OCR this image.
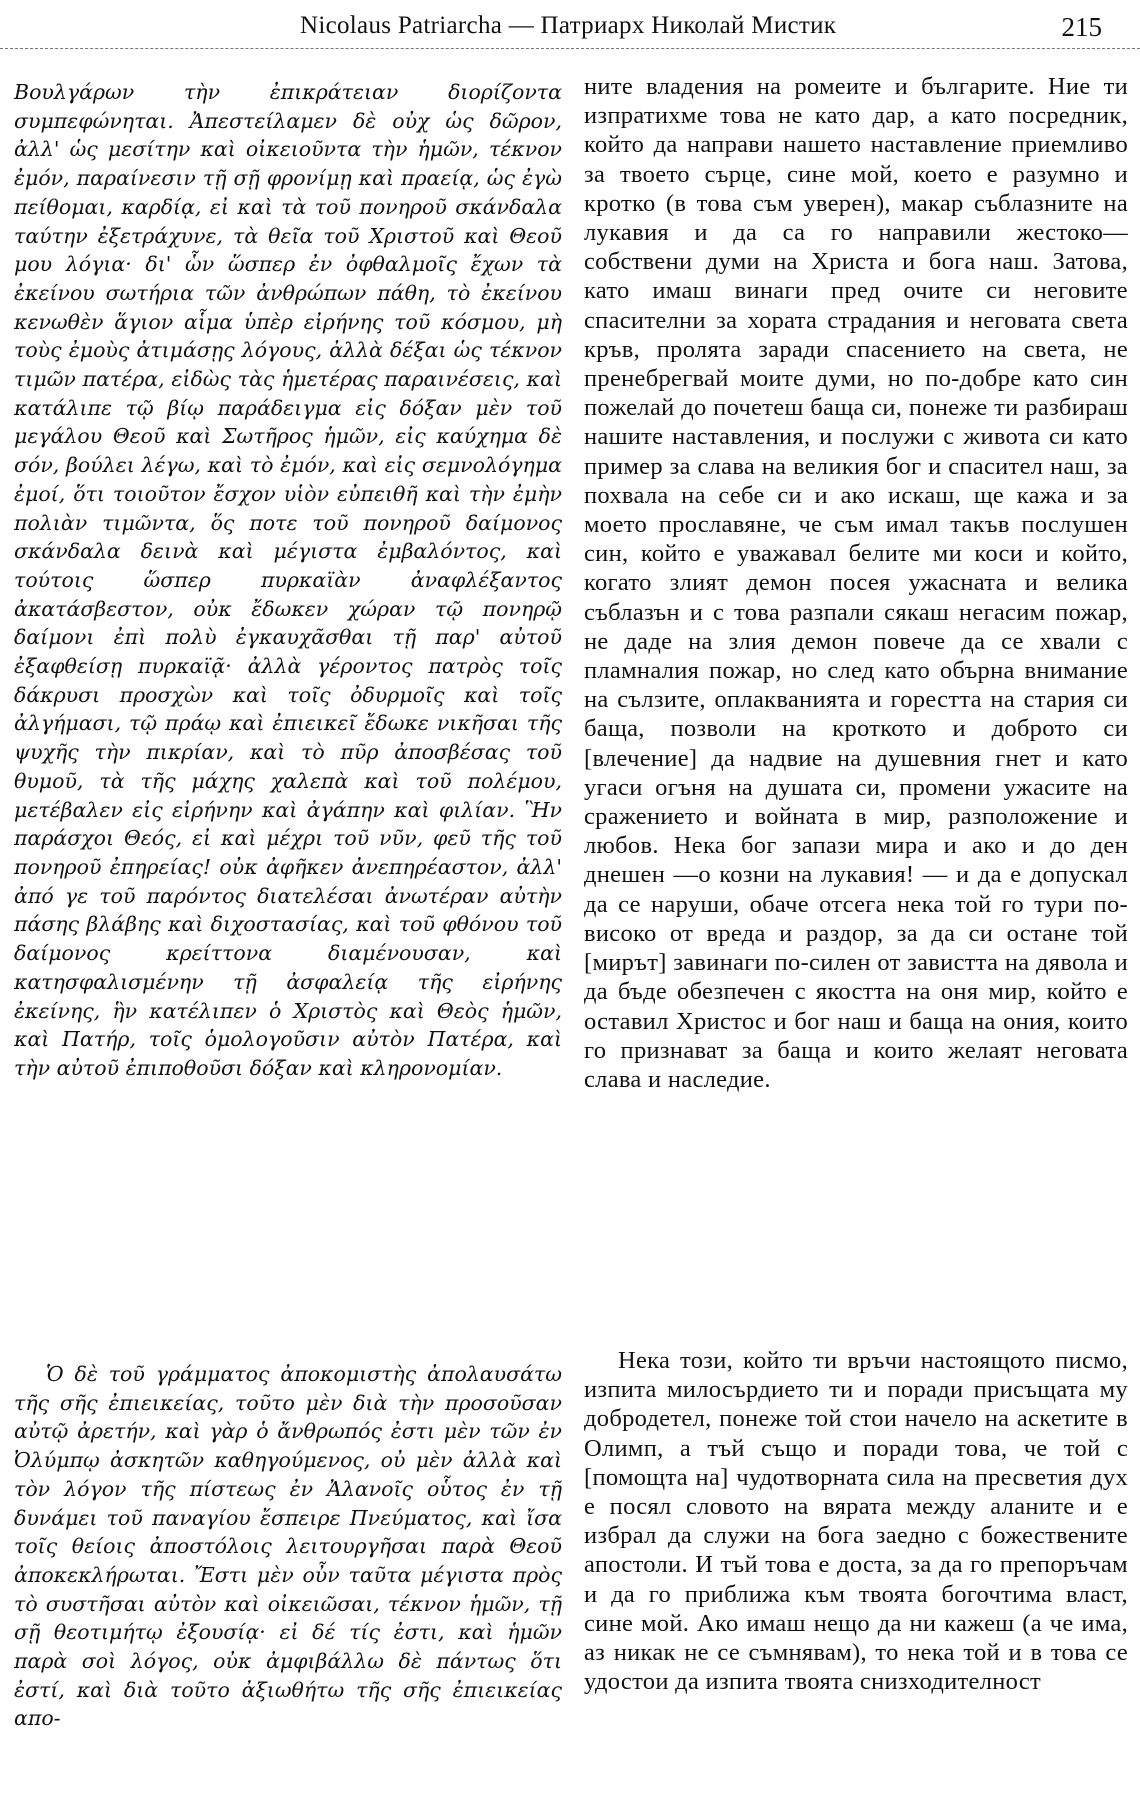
Nicolaus Patriarcha — Патриарх Николай Мистик	215

Βουλγάρων τὴν ἐπικράτειαν διορίζοντα συμπεφώνηται. Ἀπεστείλαμεν δὲ οὐχ ὡς δῶρον, ἀλλ' ὡς μεσίτην καὶ οἰκειοῦντα τὴν ἡμῶν, τέκνον ἐμόν, παραίνεσιν τῇ σῇ φρονίμῃ καὶ πραείᾳ, ὡς ἐγὼ πείθομαι, καρδίᾳ, εἰ καὶ τὰ τοῦ πονηροῦ σκάνδαλα ταύτην ἐξετράχυνε, τὰ θεῖα τοῦ Χριστοῦ καὶ Θεοῦ μου λόγια· δι' ὧν ὥσπερ ἐν ὀφθαλμοῖς ἔχων τὰ ἐκείνου σωτήρια τῶν ἀνθρώπων πάθη, τὸ ἐκείνου κενωθὲν ἅγιον αἷμα ὑπὲρ εἰρήνης τοῦ κόσμου, μὴ τοὺς ἐμοὺς ἀτιμάσῃς λόγους, ἀλλὰ δέξαι ὡς τέκνον τιμῶν πατέρα, εἰδὼς τὰς ἡμετέρας παραινέσεις, καὶ κατάλιπε τῷ βίῳ παράδειγμα εἰς δόξαν μὲν τοῦ μεγάλου Θεοῦ καὶ Σωτῆρος ἡμῶν, εἰς καύχημα δὲ σόν, βούλει λέγω, καὶ τὸ ἐμόν, καὶ εἰς σεμνολόγημα ἐμοί, ὅτι τοιοῦτον ἔσχον υἱὸν εὐπειθῆ καὶ τὴν ἐμὴν πολιὰν τιμῶντα, ὅς ποτε τοῦ πονηροῦ δαίμονος σκάνδαλα δεινὰ καὶ μέγιστα ἐμβαλόντος, καὶ τούτοις ὥσπερ πυρκαϊὰν ἀναφλέξαντος ἀκατάσβεστον, οὐκ ἔδωκεν χώραν τῷ πονηρῷ δαίμονι ἐπὶ πολὺ ἐγκαυχᾶσθαι τῇ παρ' αὐτοῦ ἐξαφθείσῃ πυρκαϊᾷ· ἀλλὰ γέροντος πατρὸς τοῖς δάκρυσι προσχὼν καὶ τοῖς ὀδυρμοῖς καὶ τοῖς ἀλγήμασι, τῷ πράῳ καὶ ἐπιεικεῖ ἔδωκε νικῆσαι τῆς ψυχῆς τὴν πικρίαν, καὶ τὸ πῦρ ἀποσβέσας τοῦ θυμοῦ, τὰ τῆς μάχης χαλεπὰ καὶ τοῦ πολέμου, μετέβαλεν εἰς εἰρήνην καὶ ἀγάπην καὶ φιλίαν. Ἣν παράσχοι Θεός, εἰ καὶ μέχρι τοῦ νῦν, φεῦ τῆς τοῦ πονηροῦ ἐπηρείας! οὐκ ἀφῆκεν ἀνεπηρέαστον, ἀλλ' ἀπό γε τοῦ παρόντος διατελέσαι ἀνωτέραν αὐτὴν πάσης βλάβης καὶ διχοστασίας, καὶ τοῦ φθόνου τοῦ δαίμονος κρείττονα διαμένουσαν, καὶ κατησφαλισμένην τῇ ἀσφαλείᾳ τῆς εἰρήνης ἐκείνης, ἣν κατέλιπεν ὁ Χριστὸς καὶ Θεὸς ἡμῶν, καὶ Πατήρ, τοῖς ὁμολογοῦσιν αὐτὸν Πατέρα, καὶ τὴν αὐτοῦ ἐπιποθοῦσι δόξαν καὶ κληρονομίαν.

Ὁ δὲ τοῦ γράμματος ἀποκομιστὴς ἀπολαυσάτω τῆς σῆς ἐπιεικείας, τοῦτο μὲν διὰ τὴν προσοῦσαν αὐτῷ ἀρετήν, καὶ γὰρ ὁ ἄνθρωπός ἐστι μὲν τῶν ἐν Ὀλύμπῳ ἀσκητῶν καθηγούμενος, οὐ μὲν ἀλλὰ καὶ τὸν λόγον τῆς πίστεως ἐν Ἀλανοῖς οὗτος ἐν τῇ δυνάμει τοῦ παναγίου ἔσπειρε Πνεύματος, καὶ ἴσα τοῖς θείοις ἀποστόλοις λειτουργῆσαι παρὰ Θεοῦ ἀποκεκλήρωται. Ἔστι μὲν οὖν ταῦτα μέγιστα πρὸς τὸ συστῆσαι αὐτὸν καὶ οἰκειῶσαι, τέκνον ἡμῶν, τῇ σῇ θεοτιμήτῳ ἐξουσίᾳ· εἰ δέ τίς ἐστι, καὶ ἡμῶν παρὰ σοὶ λόγος, οὐκ ἀμφιβάλλω δὲ πάντως ὅτι ἐστί, καὶ διὰ τοῦτο ἀξιωθήτω τῆς σῆς ἐπιεικείας απο-

ните владения на ромеите и българите. Ние ти изпратихме това не като дар, а като посредник, който да направи нашето наставление приемливо за твоето сърце, сине мой, което е разумно и кротко (в това съм уверен), макар съблазните на лукавия и да са го направили жестоко— собствени думи на Христа и бога наш. Затова, като имаш винаги пред очите си неговите спасителни за хората страдания и неговата света кръв, пролята заради спасението на света, не пренебрегвай моите думи, но по-добре като син пожелай до почетеш баща си, понеже ти разбираш нашите наставления, и послужи с живота си като пример за слава на великия бог и спасител наш, за похвала на себе си и ако искаш, ще кажа и за моето прославяне, че съм имал такъв послушен син, който е уважавал белите ми коси и който, когато злият демон посея ужасната и велика съблазън и с това разпали сякаш негасим пожар, не даде на злия демон повече да се хвали с пламналия пожар, но след като обърна внимание на сълзите, оплакванията и горестта на стария си баща, позволи на кроткото и доброто си [влечение] да надвие на душевния гнет и като угаси огъня на душата си, промени ужасите на сражението и войната в мир, разположение и любов. Нека бог запази мира и ако и до ден днешен —о козни на лукавия! — и да е допускал да се наруши, обаче отсега нека той го тури по-високо от вреда и раздор, за да си остане той [мирът] завинаги по-силен от завистта на дявола и да бъде обезпечен с якостта на оня мир, който е оставил Христос и бог наш и баща на ония, които го признават за баща и които желаят неговата слава и наследие.

Нека този, който ти връчи настоящото писмо, изпита милосърдието ти и поради присъщата му добродетел, понеже той стои начело на аскетите в Олимп, а тъй също и поради това, че той с [помощта на] чудотворната сила на пресветия дух е посял словото на вярата между аланите и е избрал да служи на бога заедно с божествените апостоли. И тъй това е доста, за да го препоръчам и да го приближа към твоята богочтима власт, сине мой. Ако имаш нещо да ни кажеш (а че има, аз никак не се съмнявам), то нека той и в това се удостои да изпита твоята снизходителност
